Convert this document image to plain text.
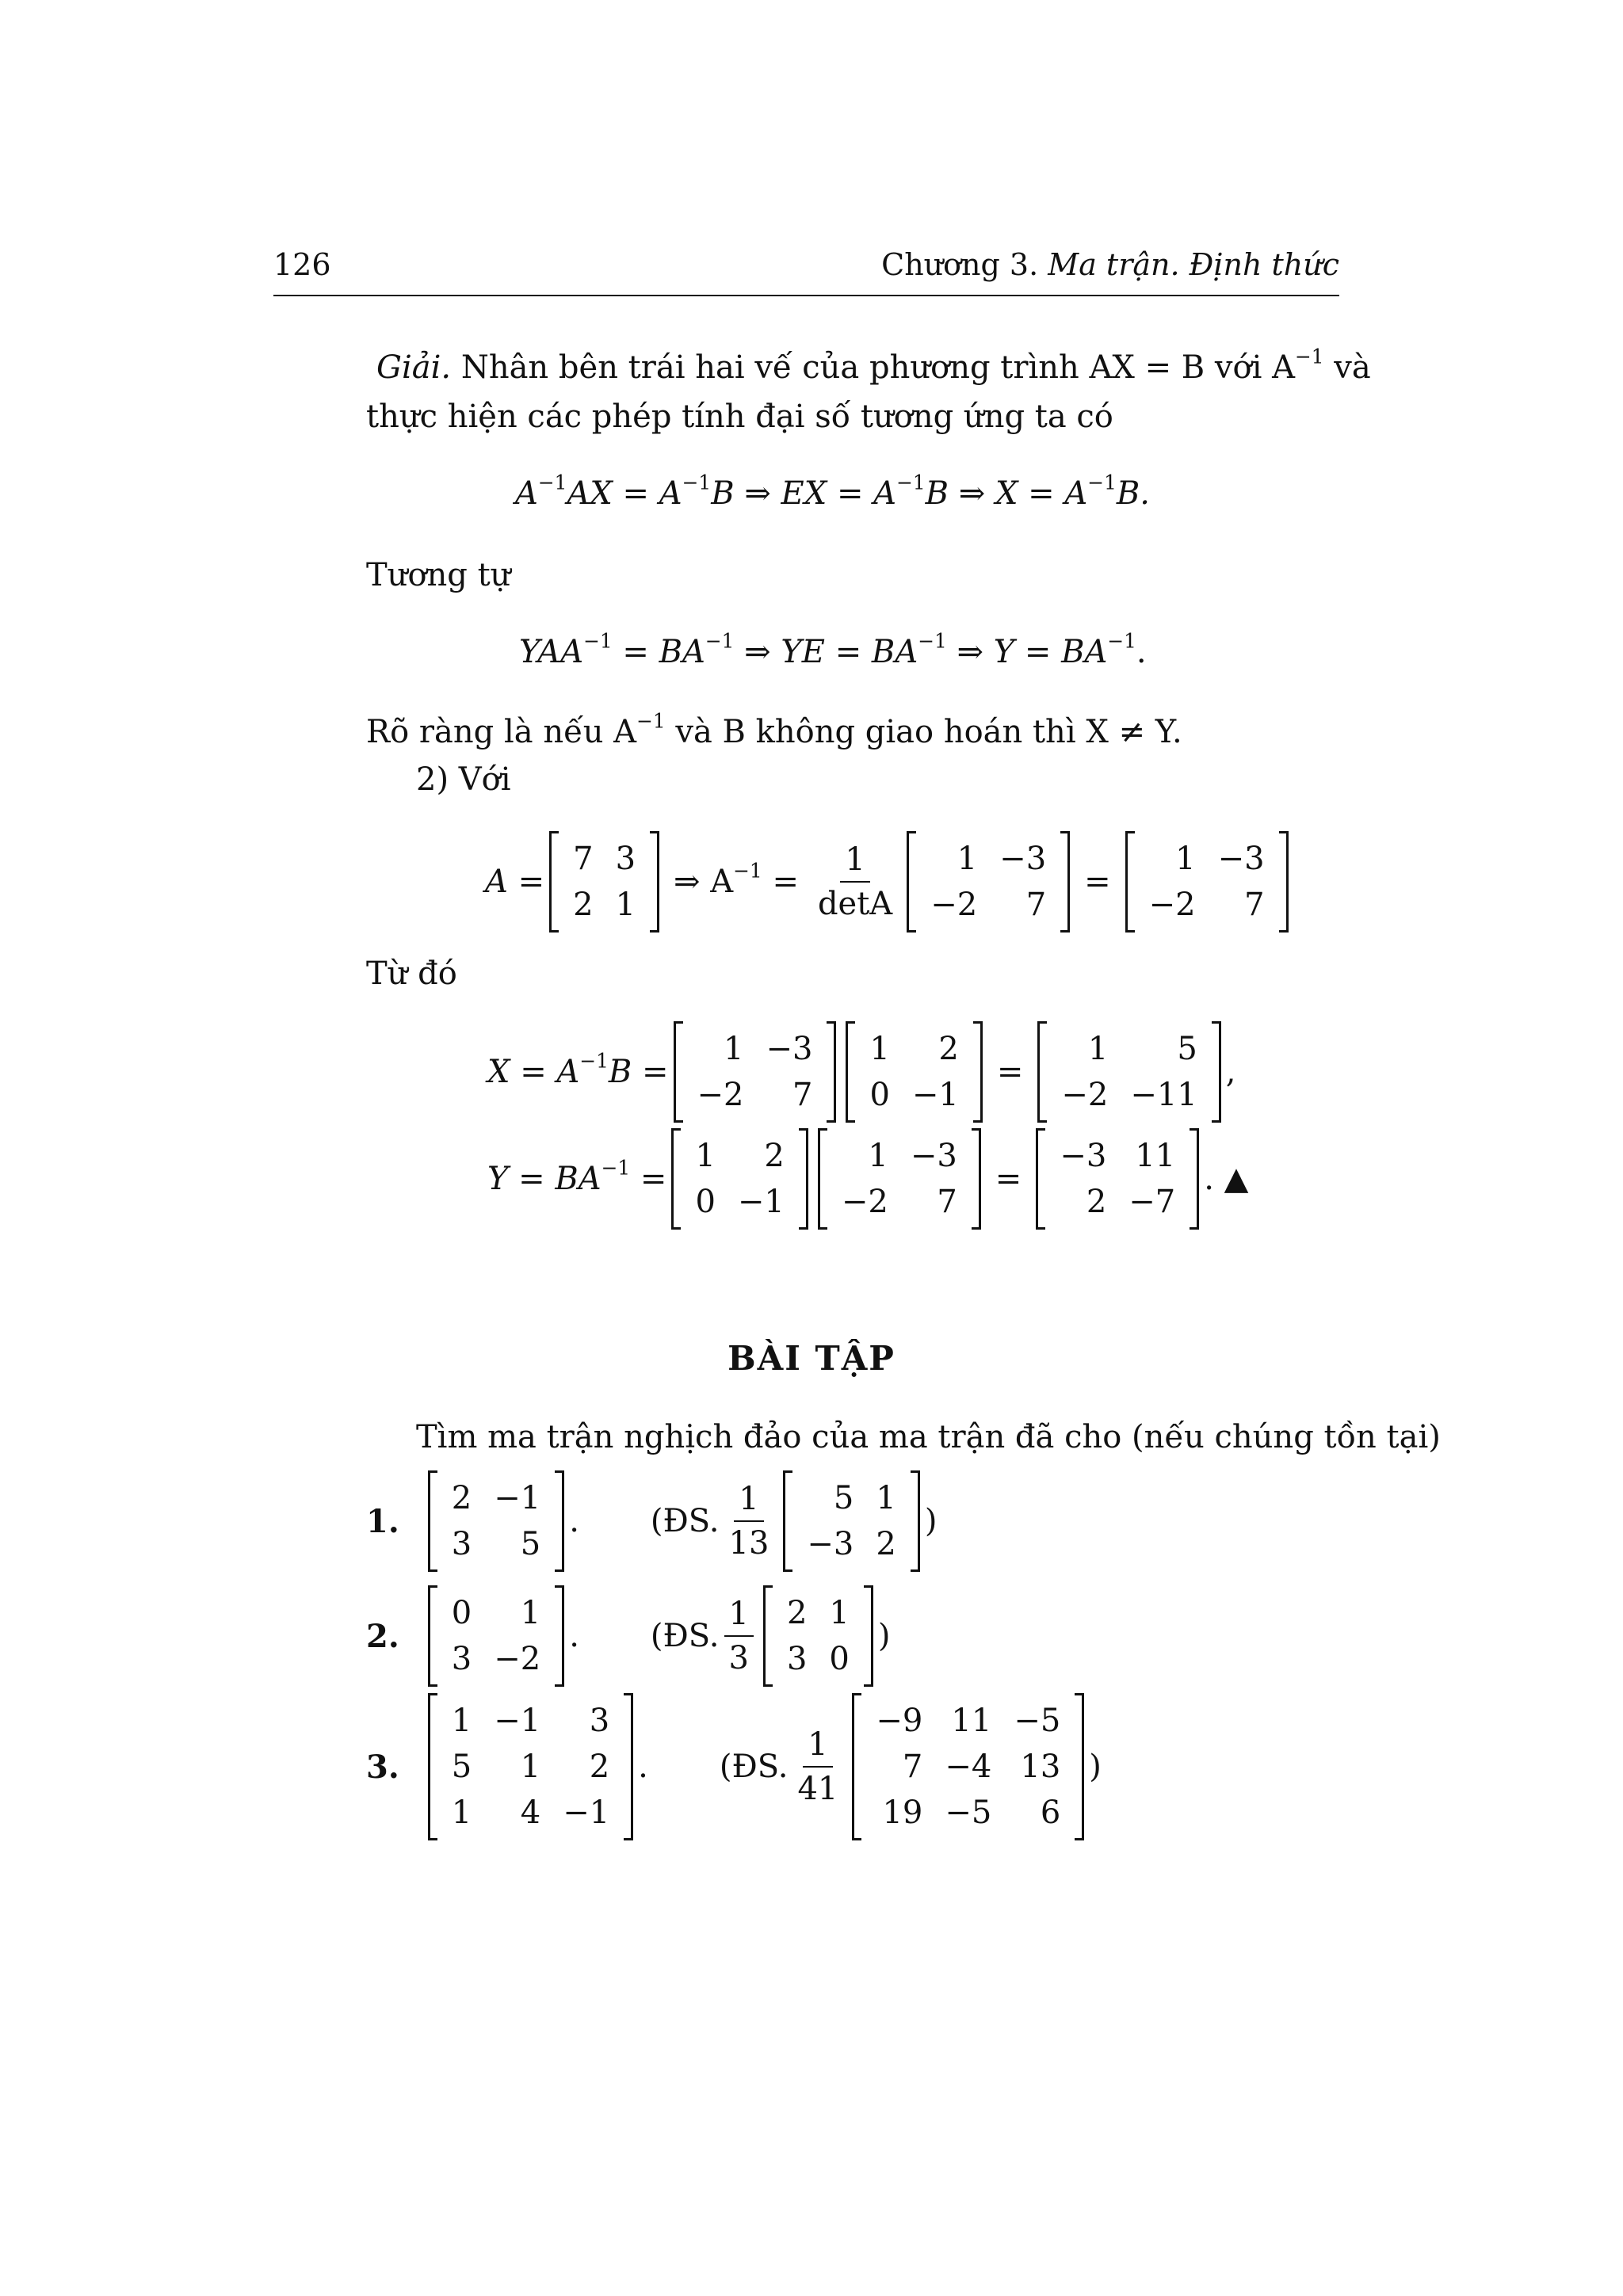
126	Chương 3. Ma trận. Định thức
Giải. Nhân bên trái hai vế của phương trình AX = B với $A^{-1}$ và
thực hiện các phép tính đại số tương ứng ta có
$A^{-1}AX = A^{-1}B$ ⇒ EX = $A^{-1}B$ ⇒ $X = A^{-1}B$.
Tương tự
$YAA^{-1} = BA^{-1}$ ⇒ YE = $BA^{-1}$ ⇒ $Y = BA^{-1}$.
Rõ ràng là nếu $A^{-1}$ và B không giao hoán thì X ≠ Y.
2) Với
A =
7	3
2	1
⇒ $A^{-1} = \frac{1}{\det A} 1$	−3
−2	7
=
1	−3
−2	7
Từ đó
$X = A^{-1}B$ =
1	−3
−2	7
1	2
0	−1
=
1	5
−2	−11
,
$Y = BA^{-1}$ =
1	2
0	−1
1	−3
−2	7
=
−3	11
2	−7
. ▲
BÀI TẬP
Tìm ma trận nghịch đảo của ma trận đã cho (nếu chúng tồn tại)
1.
2	−1
3	5
. (ĐS. $\frac{1}{13} 5$	1
−3	2
)
2.
0	1
3	−2
. (ĐS. $\frac{1}{3} 2$	1
3	0
)
3.
1	−1	3
5	1	2
1	4	−1
. (ĐS. $\frac{1}{41}$
−9	11	−5
7	−4	13
19	−5	6
)
